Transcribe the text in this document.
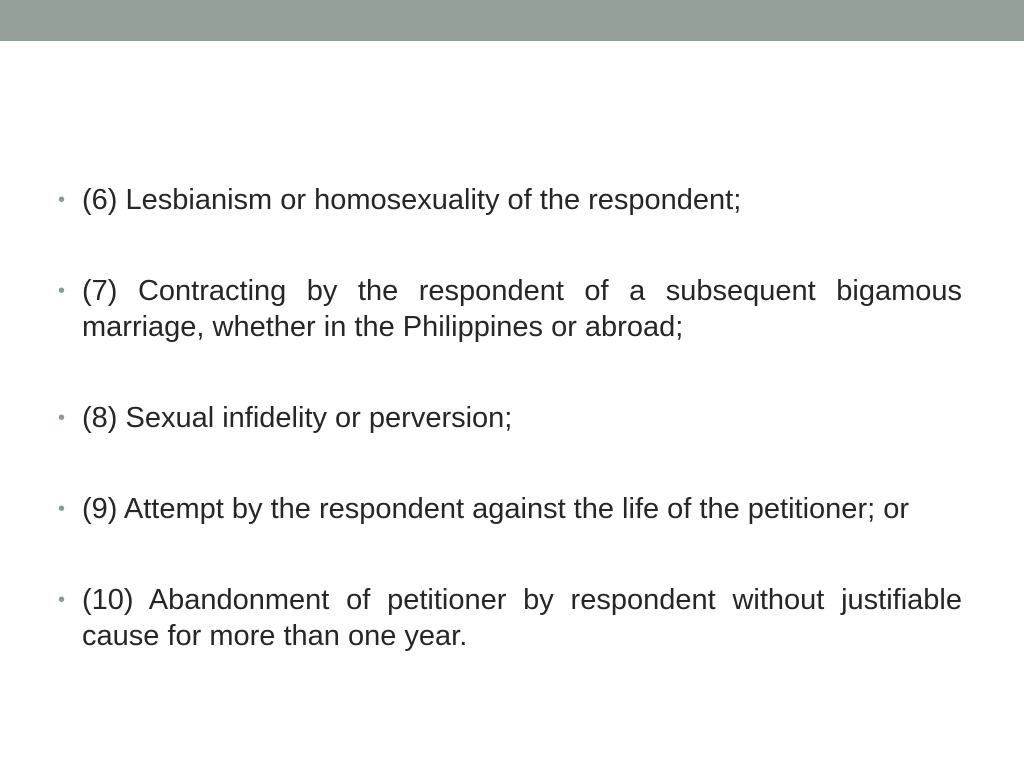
• (6) Lesbianism or homosexuality of the respondent;
• (7) Contracting by the respondent of a subsequent bigamous marriage, whether in the Philippines or abroad;
• (8) Sexual infidelity or perversion;
• (9) Attempt by the respondent against the life of the petitioner; or
• (10) Abandonment of petitioner by respondent without justifiable cause for more than one year.
